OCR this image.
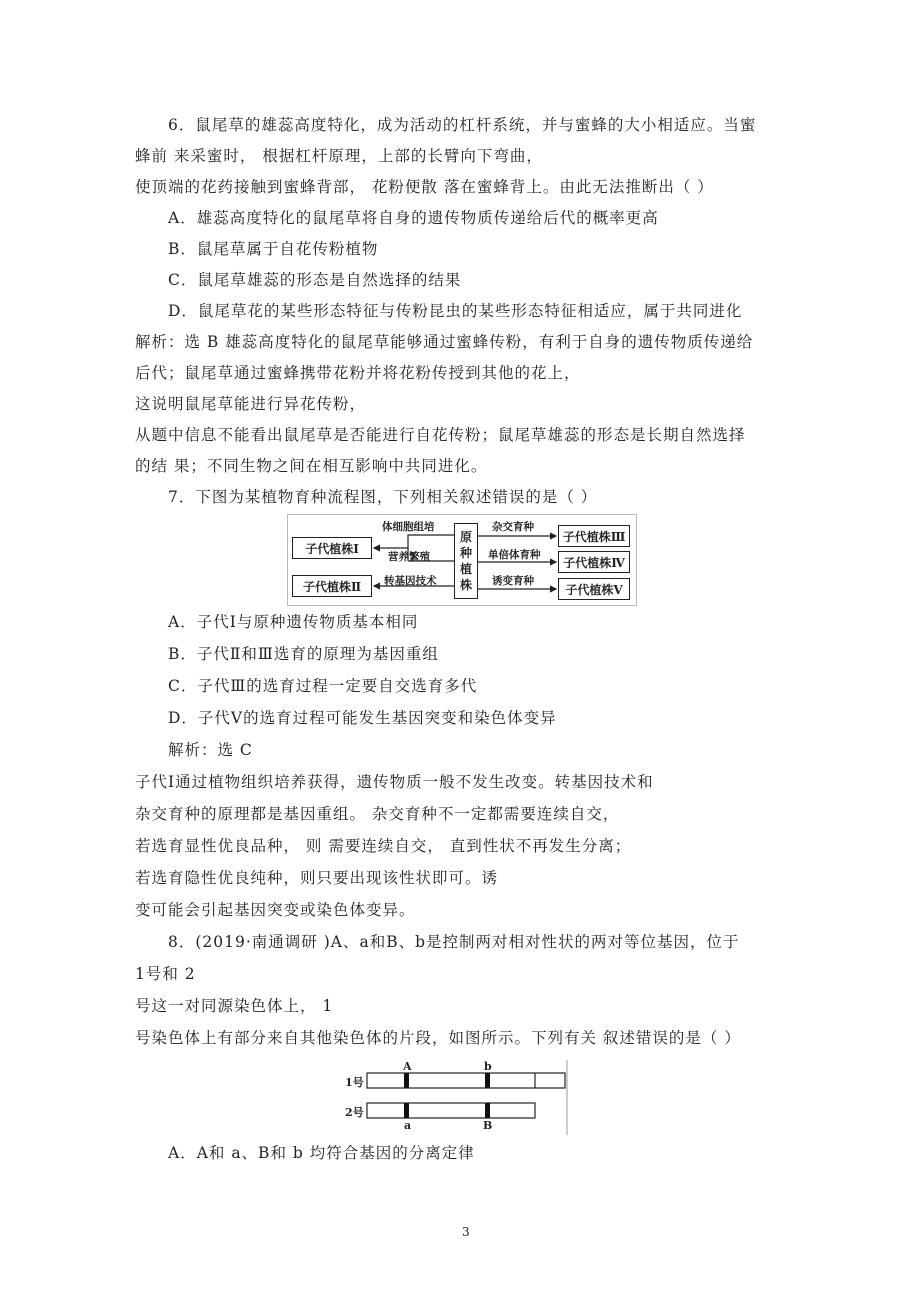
6．鼠尾草的雄蕊高度特化，成为活动的杠杆系统，并与蜜蜂的大小相适应。当蜜
蜂前 来采蜜时， 根据杠杆原理，上部的长臂向下弯曲，
使顶端的花药接触到蜜蜂背部， 花粉便散 落在蜜蜂背上。由此无法推断出（ ）
A．雄蕊高度特化的鼠尾草将自身的遗传物质传递给后代的概率更高
B．鼠尾草属于自花传粉植物
C．鼠尾草雄蕊的形态是自然选择的结果
D．鼠尾草花的某些形态特征与传粉昆虫的某些形态特征相适应，属于共同进化
解析：选 B 雄蕊高度特化的鼠尾草能够通过蜜蜂传粉，有利于自身的遗传物质传递给
后代；鼠尾草通过蜜蜂携带花粉并将花粉传授到其他的花上，
这说明鼠尾草能进行异花传粉，
从题中信息不能看出鼠尾草是否能进行自花传粉；鼠尾草雄蕊的形态是长期自然选择
的结 果；不同生物之间在相互影响中共同进化。
7．下图为某植物育种流程图，下列相关叙述错误的是（ ）
子代植株Ⅰ
子代植株Ⅱ
原
种
植
株
子代植株Ⅲ
子代植株Ⅳ
子代植株Ⅴ
体细胞组培
营养繁殖
转基因技术
杂交育种
单倍体育种
诱变育种
A．子代Ⅰ与原种遗传物质基本相同
B．子代Ⅱ和Ⅲ选育的原理为基因重组
C．子代Ⅲ的选育过程一定要自交选育多代
D．子代Ⅴ的选育过程可能发生基因突变和染色体变异
解析：选 C
子代Ⅰ通过植物组织培养获得，遗传物质一般不发生改变。转基因技术和
杂交育种的原理都是基因重组。 杂交育种不一定都需要连续自交，
若选育显性优良品种， 则 需要连续自交， 直到性状不再发生分离；
若选育隐性优良纯种，则只要出现该性状即可。诱
变可能会引起基因突变或染色体变异。
8．(2019·南通调研 )A、a和B、b是控制两对相对性状的两对等位基因，位于
1号和 2
号这一对同源染色体上， 1
号染色体上有部分来自其他染色体的片段，如图所示。下列有关 叙述错误的是（ ）
1号
2号
A	b
a	B
A．A和 a、B和 b 均符合基因的分离定律
3
